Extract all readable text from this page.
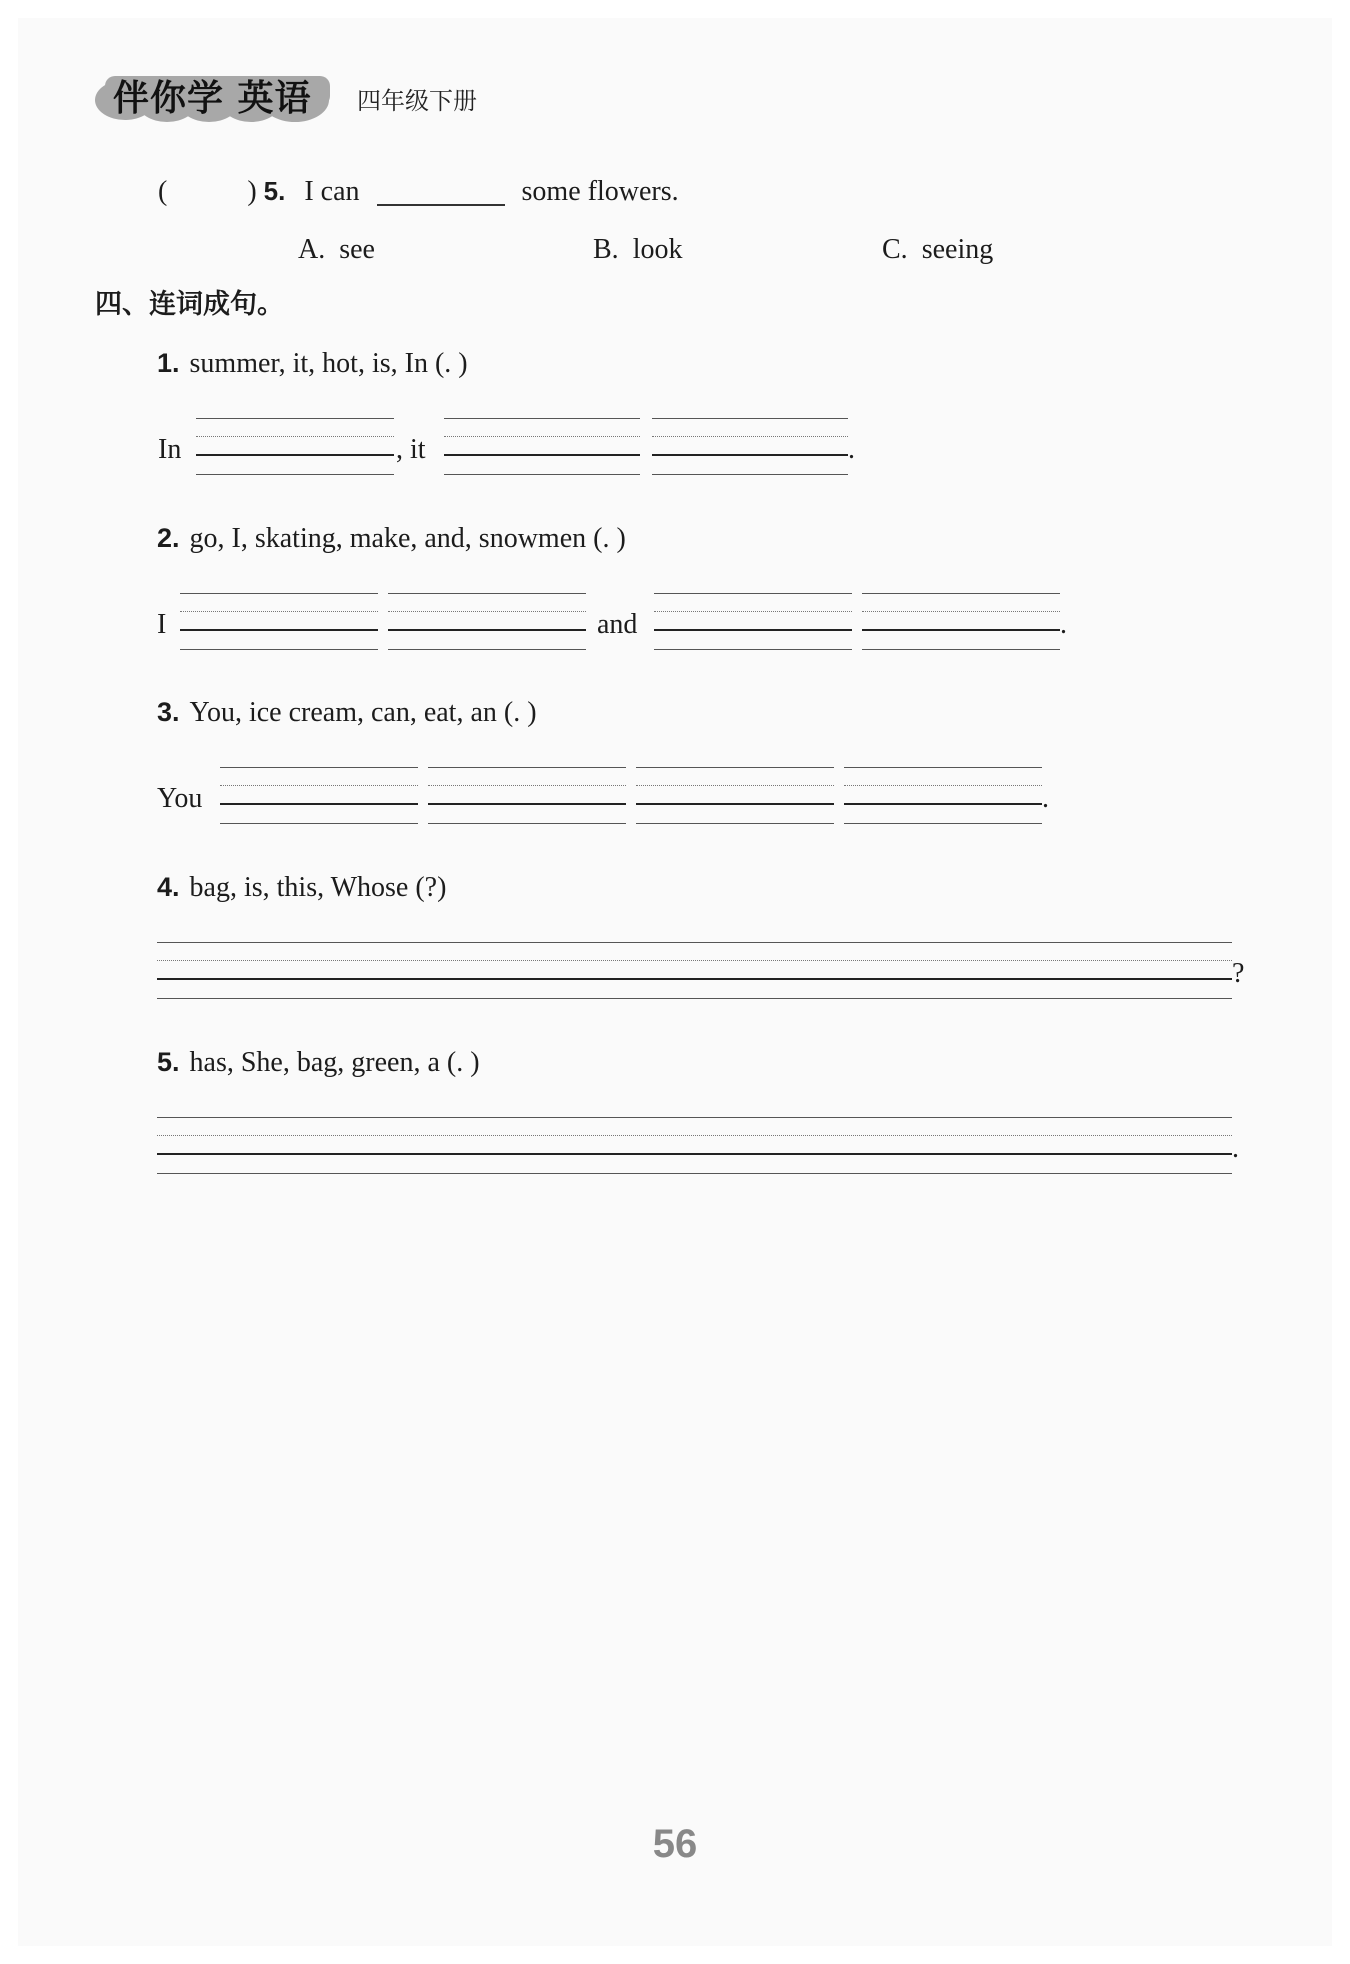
伴你学 英语 四年级下册
(	) 5. I can	some flowers.
A. see	B. look	C. seeing
四、连词成句。
1. summer, it, hot, is, In (. )
In	, it	.
2. go, I, skating, make, and, snowmen (. )
I	and	.
3. You, ice cream, can, eat, an (. )
You	.
4. bag, is, this, Whose (?)
?
5. has, She, bag, green, a (. )
.
56
